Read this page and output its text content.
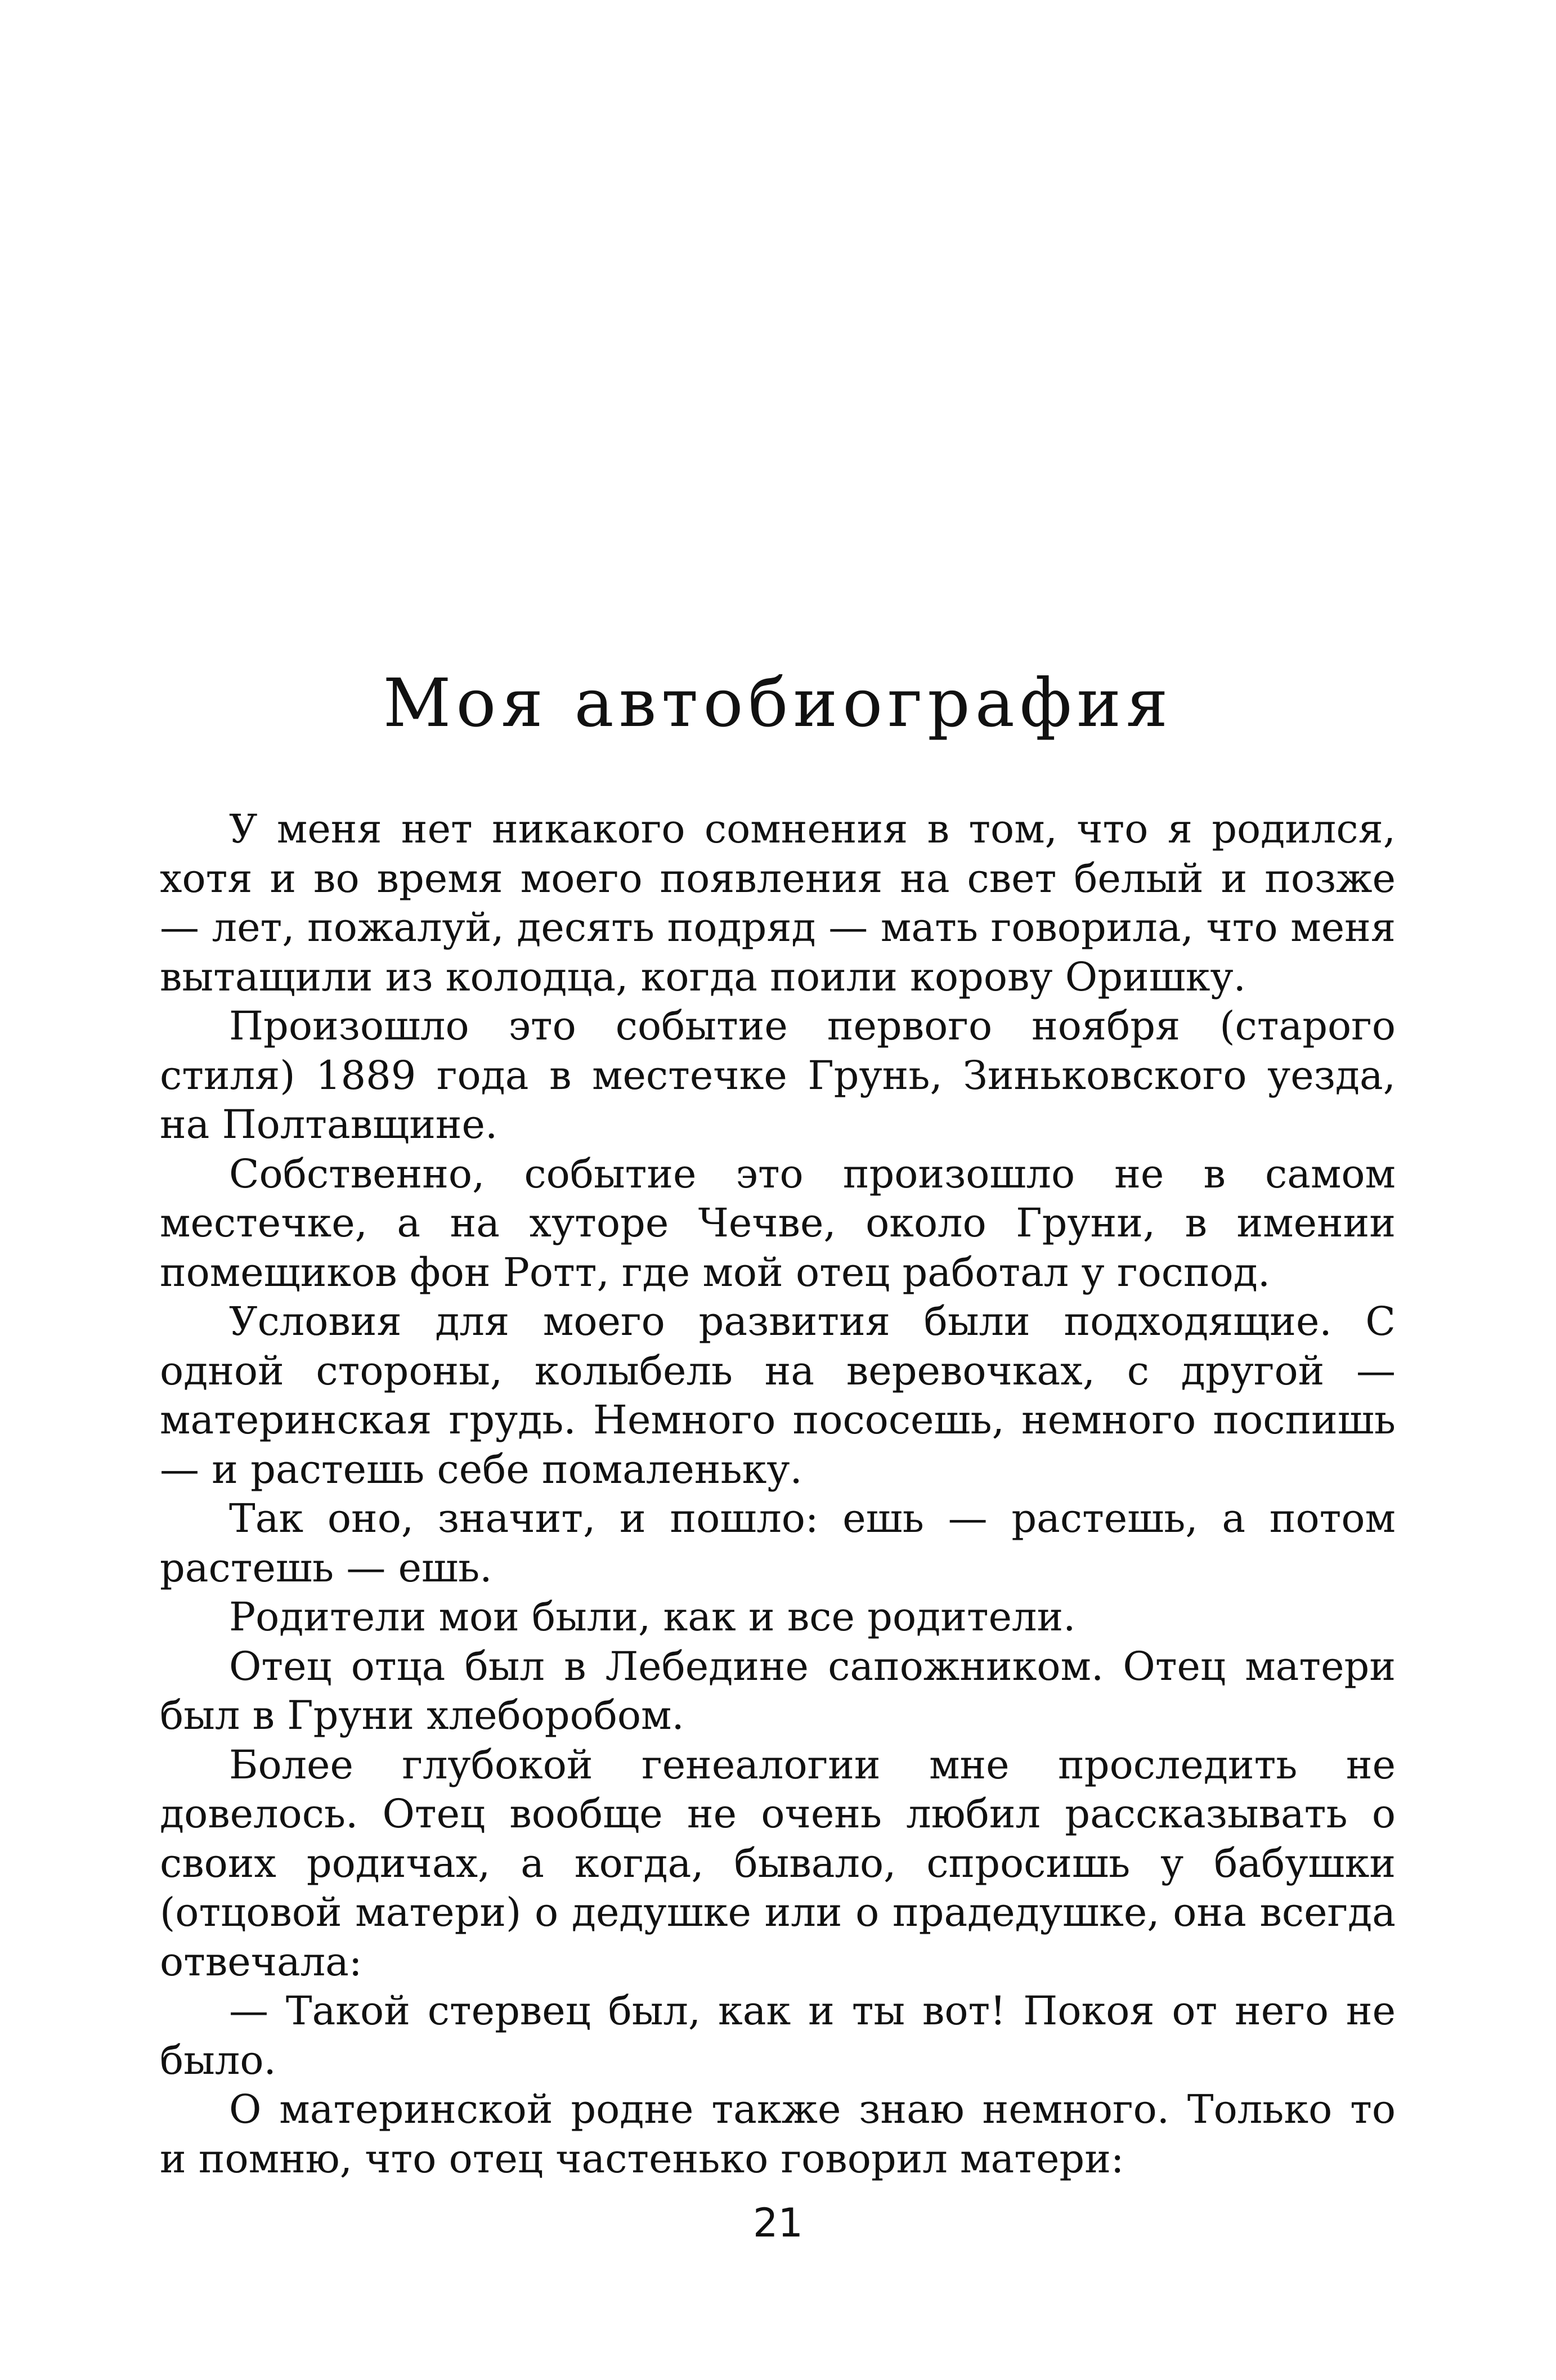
Моя автобиография

У меня нет никакого сомнения в том, что я родился, хотя и во время моего появления на свет белый и позже — лет, пожалуй, десять подряд — мать говорила, что меня вытащили из колодца, когда поили корову Оришку.

Произошло это событие первого ноября (старого стиля) 1889 года в местечке Грунь, Зиньковского уезда, на Полтавщине.

Собственно, событие это произошло не в самом местечке, а на хуторе Чечве, около Груни, в имении помещиков фон Ротт, где мой отец работал у господ.

Условия для моего развития были подходящие. С одной стороны, колыбель на веревочках, с другой — материнская грудь. Немного пососешь, немного поспишь — и растешь себе помаленьку.

Так оно, значит, и пошло: ешь — растешь, а потом растешь — ешь.

Родители мои были, как и все родители.

Отец отца был в Лебедине сапожником. Отец матери был в Груни хлеборобом.

Более глубокой генеалогии мне проследить не довелось. Отец вообще не очень любил рассказывать о своих родичах, а когда, бывало, спросишь у бабушки (отцовой матери) о дедушке или о прадедушке, она всегда отвечала:

— Такой стервец был, как и ты вот! Покоя от него не было.

О материнской родне также знаю немного. Только то и помню, что отец частенько говорил матери:

21
